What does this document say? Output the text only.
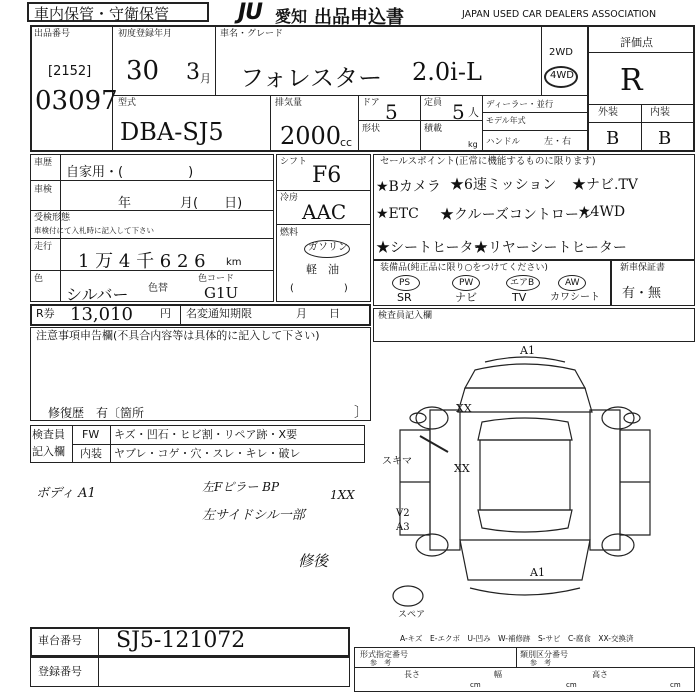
車内保管・守衛保管	JU 愛知 出品申込書	JAPAN USED CAR DEALERS ASSOCIATION
出品番号
[2152]
03097
初度登録年月
30 3 月
車名・グレード
フォレスター 2.0i-L
2WD
4WD
評価点
R
外装	内装
B B
型式
DBA-SJ5
排気量
2000
cc
ドア 5	定員 5 人
形状	積載
kg
ディーラー・並行
モデル年式
ハンドル	左・右
車歴
自家用・(　　　　　)
車検
年	月(　　日)
受検形態
車検付にて入札時に記入して下さい
走行
1 万 4 千 6 2 6 km
色
シルバー 色替
色コード
G1U
シフト
F6
冷房
AAC
燃料
ガソリン
軽　油
(　　　　　)
セールスポイント(正常に機能するものに限ります)
★Bカメラ ★6速ミッション ★ナビ.TV
★ETC ★クルーズコントロール
★4WD
★シートヒーター
★リヤーシートヒーター
装備品(純正品に限り○をつけてください)
PS	PW	エアB	AW
SR	ナビ	TV カワシート
新車保証書
有・無
R券 13,010 円 名変通知期限	月　　日	検査員記入欄
注意事項申告欄(不具合内容等は具体的に記入して下さい)
修復歴　有〔箇所	〕
検査員
記入欄
FW キズ・凹石・ヒビ割・リペア跡・X要
内装 ヤブレ・コゲ・穴・スレ・キレ・破レ
ボディ A1	左Fピラー BP
1XX
左サイドシル一部
修後
A1
XX
XX
A1
スキマ
V2
A3
スペア
A-キズ　E-エクボ　U-凹み　W-補修跡　S-サビ　C-腐食　XX-交換済
車台番号 SJ5-121072
登録番号
形式指定番号
参　考
類別区分番号
参　考
長さ
cm
幅
cm
高さ
cm
